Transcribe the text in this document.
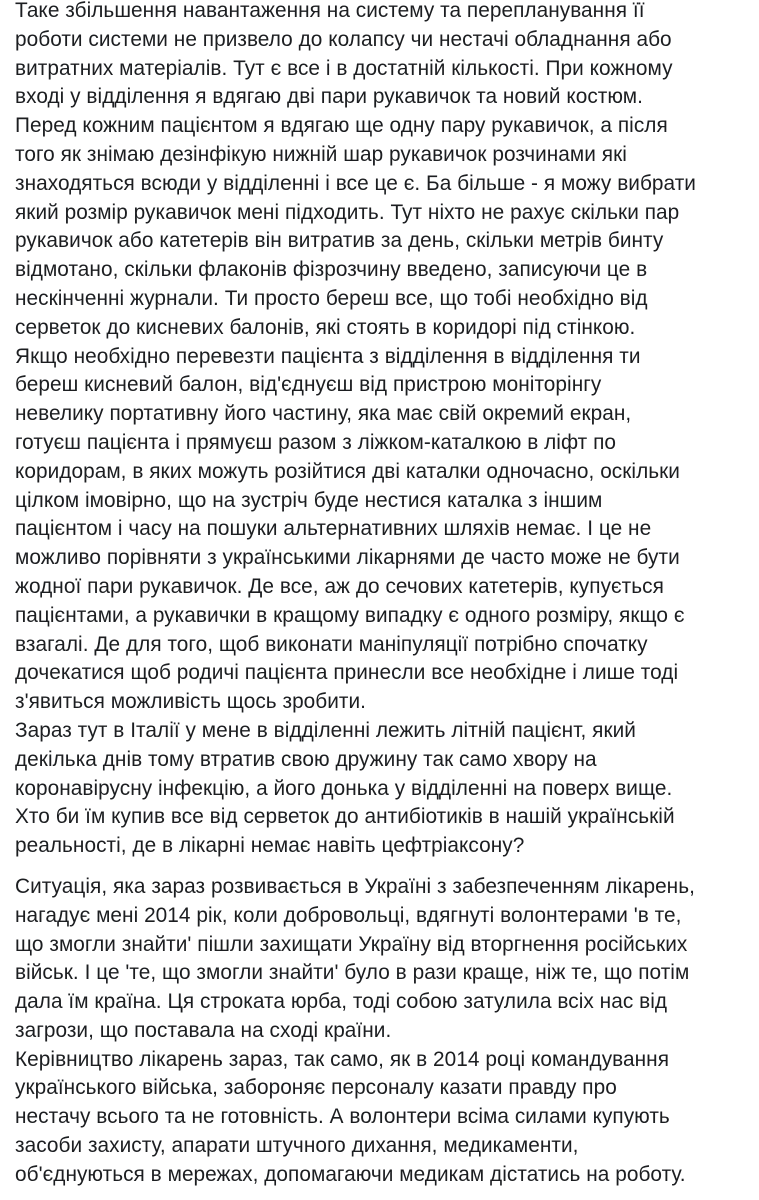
Таке збільшення навантаження на систему та перепланування її
роботи системи не призвело до колапсу чи нестачі обладнання або
витратних матеріалів. Тут є все і в достатній кількості. При кожному
вході у відділення я вдягаю дві пари рукавичок та новий костюм.
Перед кожним пацієнтом я вдягаю ще одну пару рукавичок, а після
того як знімаю дезінфікую нижній шар рукавичок розчинами які
знаходяться всюди у відділенні і все це є. Ба більше - я можу вибрати
який розмір рукавичок мені підходить. Тут ніхто не рахує скільки пар
рукавичок або катетерів він витратив за день, скільки метрів бинту
відмотано, скільки флаконів фізрозчину введено, записуючи це в
нескінченні журнали. Ти просто береш все, що тобі необхідно від
серветок до кисневих балонів, які стоять в коридорі під стінкою.
Якщо необхідно перевезти пацієнта з відділення в відділення ти
береш кисневий балон, від'єднуєш від пристрою моніторінгу
невелику портативну його частину, яка має свій окремий екран,
готуєш пацієнта і прямуєш разом з ліжком-каталкою в ліфт по
коридорам, в яких можуть розійтися дві каталки одночасно, оскільки
цілком імовірно, що на зустріч буде нестися каталка з іншим
пацієнтом і часу на пошуки альтернативних шляхів немає. І це не
можливо порівняти з українськими лікарнями де часто може не бути
жодної пари рукавичок. Де все, аж до сечових катетерів, купується
пацієнтами, а рукавички в кращому випадку є одного розміру, якщо є
взагалі. Де для того, щоб виконати маніпуляції потрібно спочатку
дочекатися щоб родичі пацієнта принесли все необхідне і лише тоді
з'явиться можливість щось зробити.
Зараз тут в Італії у мене в відділенні лежить літній пацієнт, який
декілька днів тому втратив свою дружину так само хвору на
коронавірусну інфекцію, а його донька у відділенні на поверх вище.
Хто би їм купив все від серветок до антибіотиків в нашій українській
реальності, де в лікарні немає навіть цефтріаксону?

Ситуація, яка зараз розвивається в Україні з забезпеченням лікарень,
нагадує мені 2014 рік, коли добровольці, вдягнуті волонтерами 'в те,
що змогли знайти' пішли захищати Україну від вторгнення російських
військ. І це 'те, що змогли знайти' було в рази краще, ніж те, що потім
дала їм країна. Ця строката юрба, тоді собою затулила всіх нас від
загрози, що поставала на сході країни.
Керівництво лікарень зараз, так само, як в 2014 році командування
українського війська, забороняє персоналу казати правду про
нестачу всього та не готовність. А волонтери всіма силами купують
засоби захисту, апарати штучного дихання, медикаменти,
об'єднуються в мережах, допомагаючи медикам дістатись на роботу.
